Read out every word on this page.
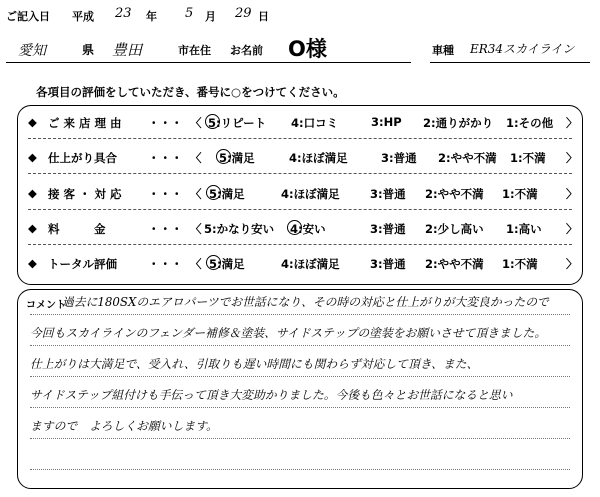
ご記入日 平成 23 年 5 月 29 日
愛知	県 豊田	市在住 お名前 O様	車種 ER34スカイライン
各項目の評価をしていただき、番号に○をつけてください。
◆ ご 来 店 理 由 ・・・ 〈 5:リピート 4:口コミ	3:HP 2:通りがかり 1:その他 〉
◆ 仕上がり具合	・・・ 〈 5:満足	4:ほぼ満足	3:普通 2:やや不満 1:不満 〉
◆ 接 客 ・ 対 応 ・・・ 〈 5:満足	4:ほぼ満足	3:普通 2:やや不満 1:不満 〉
◆ 料　　　金	・・・ 〈 5:かなり安い 4:安い	3:普通 2:少し高い 1:高い 〉
◆ トータル評価	・・・ 〈 5:満足	4:ほぼ満足	3:普通 2:やや不満 1:不満 〉
コメント
過去に180SXのエアロパーツでお世話になり、その時の対応と仕上がりが大変良かったので
今回もスカイラインのフェンダー補修＆塗装、サイドステップの塗装をお願いさせて頂きました。
仕上がりは大満足で、受入れ、引取りも遅い時間にも関わらず対応して頂き、また、
サイドステップ組付けも手伝って頂き大変助かりました。今後も色々とお世話になると思い
ますので　よろしくお願いします。
